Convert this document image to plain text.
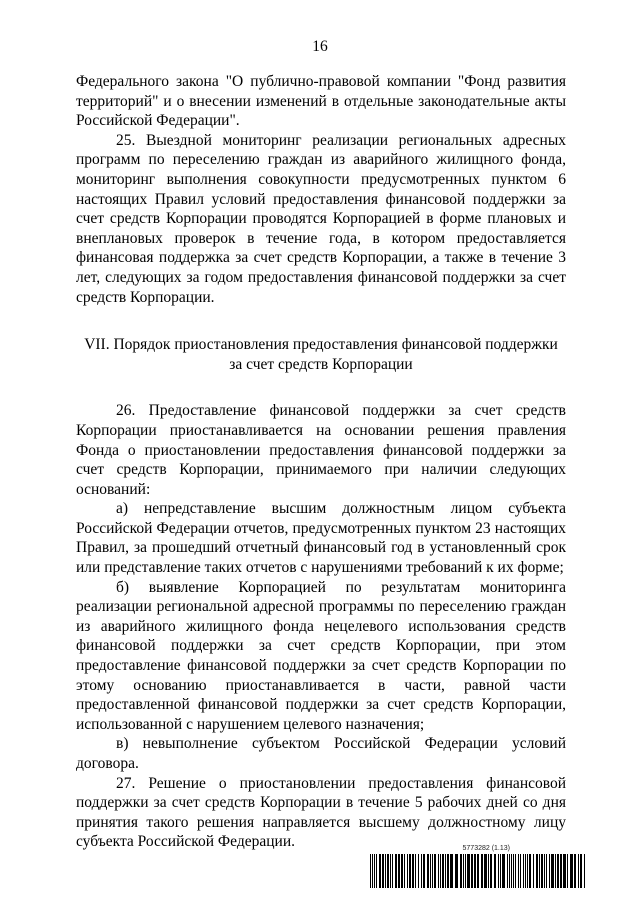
16

Федерального закона "О публично-правовой компании "Фонд развития территорий" и о внесении изменений в отдельные законодательные акты Российской Федерации".

25. Выездной мониторинг реализации региональных адресных программ по переселению граждан из аварийного жилищного фонда, мониторинг выполнения совокупности предусмотренных пунктом 6 настоящих Правил условий предоставления финансовой поддержки за счет средств Корпорации проводятся Корпорацией в форме плановых и внеплановых проверок в течение года, в котором предоставляется финансовая поддержка за счет средств Корпорации, а также в течение 3 лет, следующих за годом предоставления финансовой поддержки за счет средств Корпорации.

VII. Порядок приостановления предоставления финансовой поддержки
за счет средств Корпорации

26. Предоставление финансовой поддержки за счет средств Корпорации приостанавливается на основании решения правления Фонда о приостановлении предоставления финансовой поддержки за счет средств Корпорации, принимаемого при наличии следующих оснований:

а) непредставление высшим должностным лицом субъекта Российской Федерации отчетов, предусмотренных пунктом 23 настоящих Правил, за прошедший отчетный финансовый год в установленный срок или представление таких отчетов с нарушениями требований к их форме;

б) выявление Корпорацией по результатам мониторинга реализации региональной адресной программы по переселению граждан из аварийного жилищного фонда нецелевого использования средств финансовой поддержки за счет средств Корпорации, при этом предоставление финансовой поддержки за счет средств Корпорации по этому основанию приостанавливается в части, равной части предоставленной финансовой поддержки за счет средств Корпорации, использованной с нарушением целевого назначения;

в) невыполнение субъектом Российской Федерации условий договора.

27. Решение о приостановлении предоставления финансовой поддержки за счет средств Корпорации в течение 5 рабочих дней со дня принятия такого решения направляется высшему должностному лицу субъекта Российской Федерации.	5773282 (1.13)
